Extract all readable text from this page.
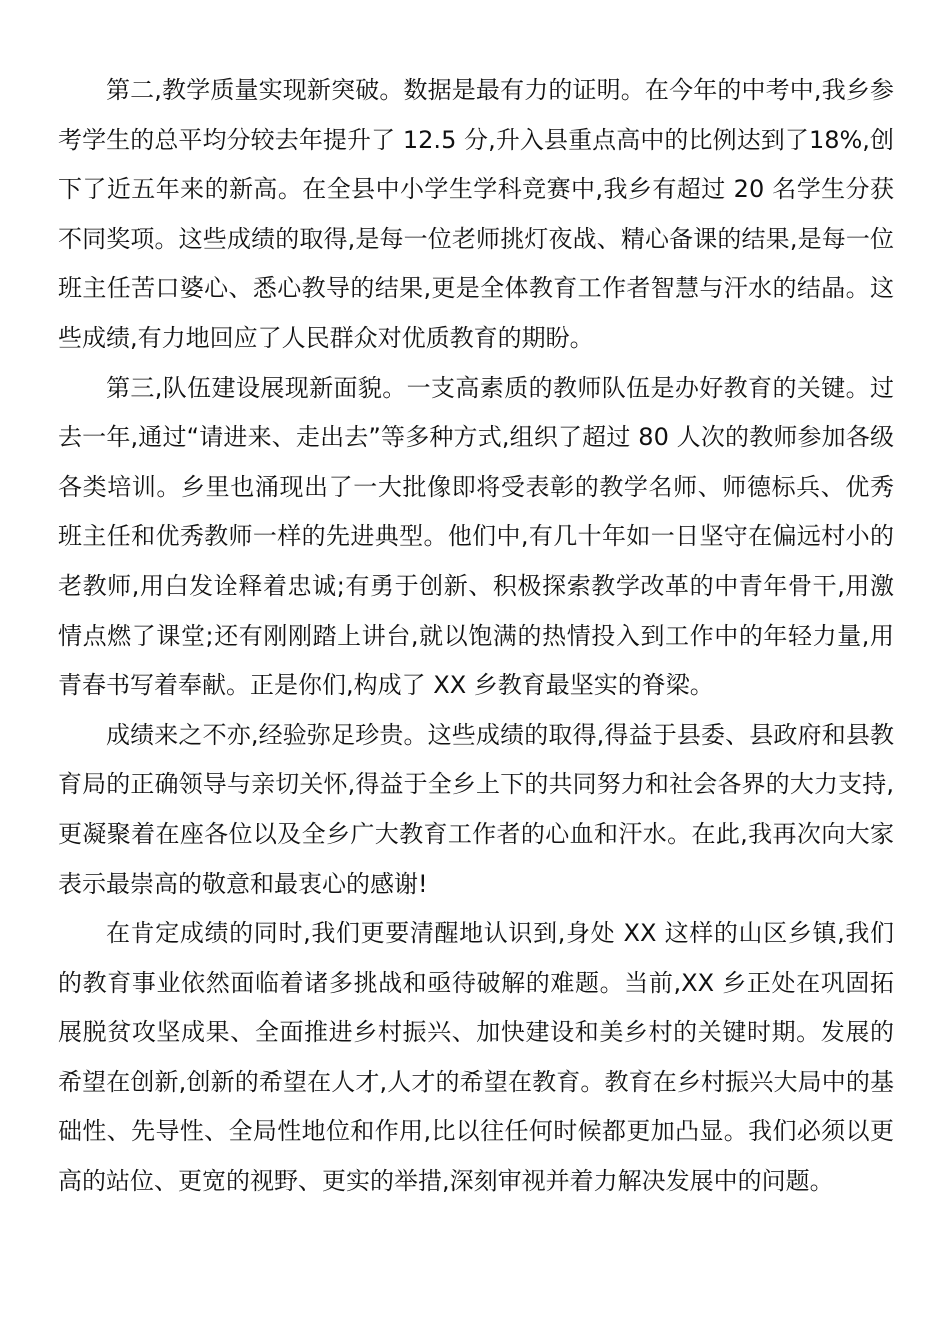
第二,教学质量实现新突破。数据是最有力的证明。在今年的中考中,我乡参考学生的总平均分较去年提升了 12.5 分,升入县重点高中的比例达到了18%,创下了近五年来的新高。在全县中小学生学科竞赛中,我乡有超过 20 名学生分获不同奖项。这些成绩的取得,是每一位老师挑灯夜战、精心备课的结果,是每一位班主任苦口婆心、悉心教导的结果,更是全体教育工作者智慧与汗水的结晶。这些成绩,有力地回应了人民群众对优质教育的期盼。

第三,队伍建设展现新面貌。一支高素质的教师队伍是办好教育的关键。过去一年,通过“请进来、走出去”等多种方式,组织了超过 80 人次的教师参加各级各类培训。乡里也涌现出了一大批像即将受表彰的教学名师、师德标兵、优秀班主任和优秀教师一样的先进典型。他们中,有几十年如一日坚守在偏远村小的老教师,用白发诠释着忠诚;有勇于创新、积极探索教学改革的中青年骨干,用激情点燃了课堂;还有刚刚踏上讲台,就以饱满的热情投入到工作中的年轻力量,用青春书写着奉献。正是你们,构成了 XX 乡教育最坚实的脊梁。

成绩来之不亦,经验弥足珍贵。这些成绩的取得,得益于县委、县政府和县教育局的正确领导与亲切关怀,得益于全乡上下的共同努力和社会各界的大力支持,更凝聚着在座各位以及全乡广大教育工作者的心血和汗水。在此,我再次向大家表示最崇高的敬意和最衷心的感谢!

在肯定成绩的同时,我们更要清醒地认识到,身处 XX 这样的山区乡镇,我们的教育事业依然面临着诸多挑战和亟待破解的难题。当前,XX 乡正处在巩固拓展脱贫攻坚成果、全面推进乡村振兴、加快建设和美乡村的关键时期。发展的希望在创新,创新的希望在人才,人才的希望在教育。教育在乡村振兴大局中的基础性、先导性、全局性地位和作用,比以往任何时候都更加凸显。我们必须以更高的站位、更宽的视野、更实的举措,深刻审视并着力解决发展中的问题。
